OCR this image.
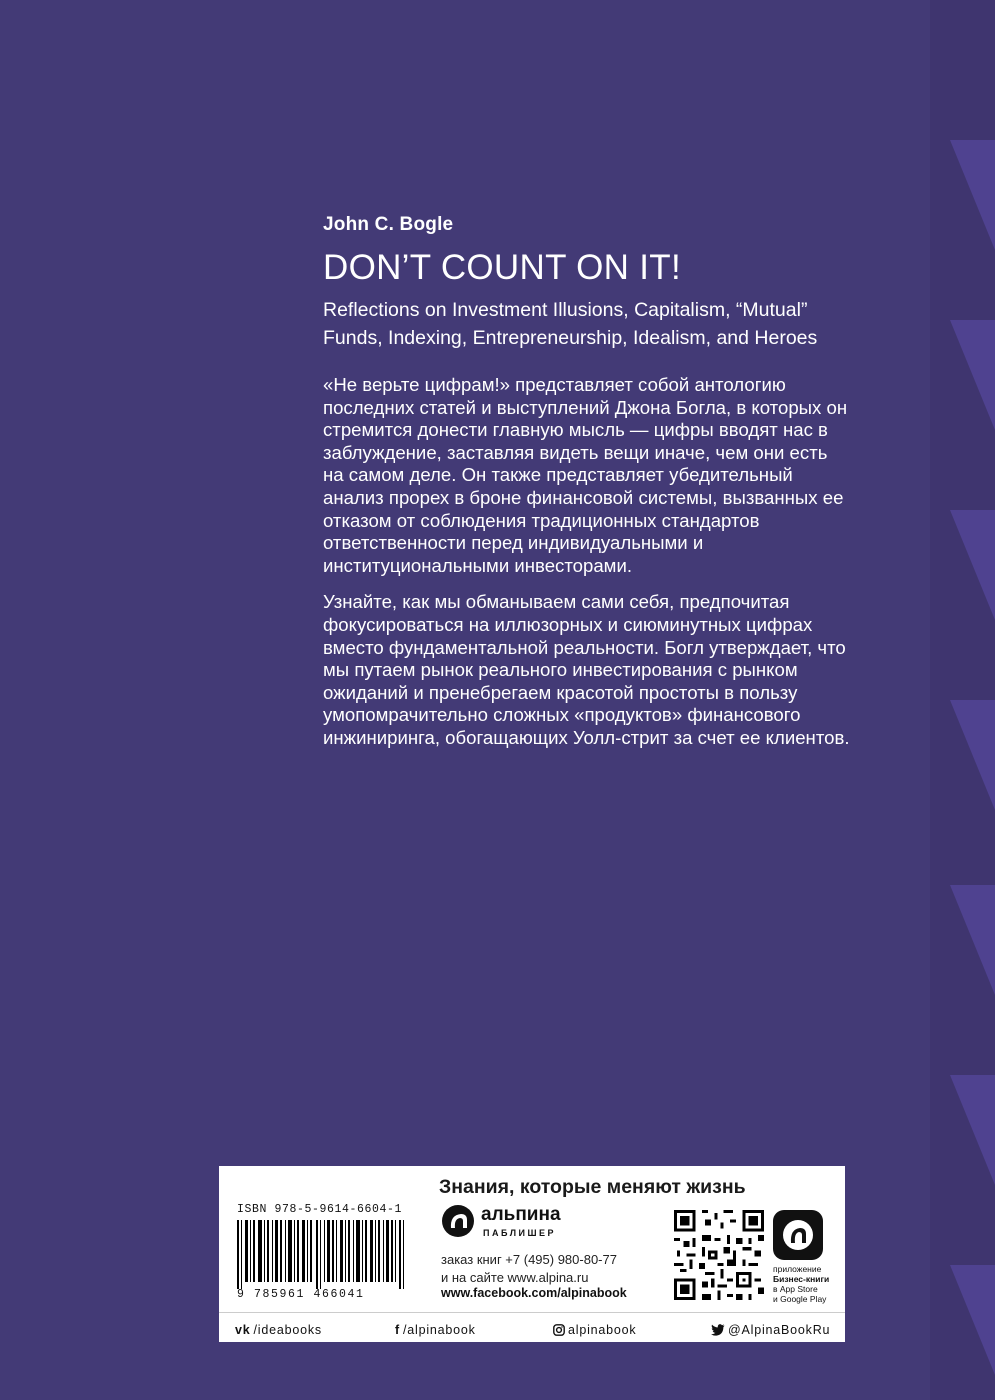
John C. Bogle
DON’T COUNT ON IT!
Reflections on Investment Illusions, Capitalism, “Mutual” Funds, Indexing, Entrepreneurship, Idealism, and Heroes

«Не верьте цифрам!» представляет собой антологию последних статей и выступлений Джона Богла, в которых он стремится донести главную мысль — цифры вводят нас в заблуждение, заставляя видеть вещи иначе, чем они есть на самом деле. Он также представляет убедительный анализ прорех в броне финансовой системы, вызванных ее отказом от соблюдения традиционных стандартов ответственности перед индивидуальными и институциональными инвесторами.

Узнайте, как мы обманываем сами себя, предпочитая фокусироваться на иллюзорных и сиюминутных цифрах вместо фундаментальной реальности. Богл утверждает, что мы путаем рынок реального инвестирования с рынком ожиданий и пренебрегаем красотой простоты в пользу умопомрачительно сложных «продуктов» финансового инжиниринга, обогащающих Уолл-стрит за счет ее клиентов.

Знания, которые меняют жизнь
ISBN 978-5-9614-6604-1
9 785961 466041
альпина
ПАБЛИШЕР
заказ книг +7 (495) 980-80-77
и на сайте www.alpina.ru
www.facebook.com/alpinabook
приложение
Бизнес-книги
в App Store
и Google Play
vk /ideabooks	f /alpinabook	alpinabook	@AlpinaBookRu
